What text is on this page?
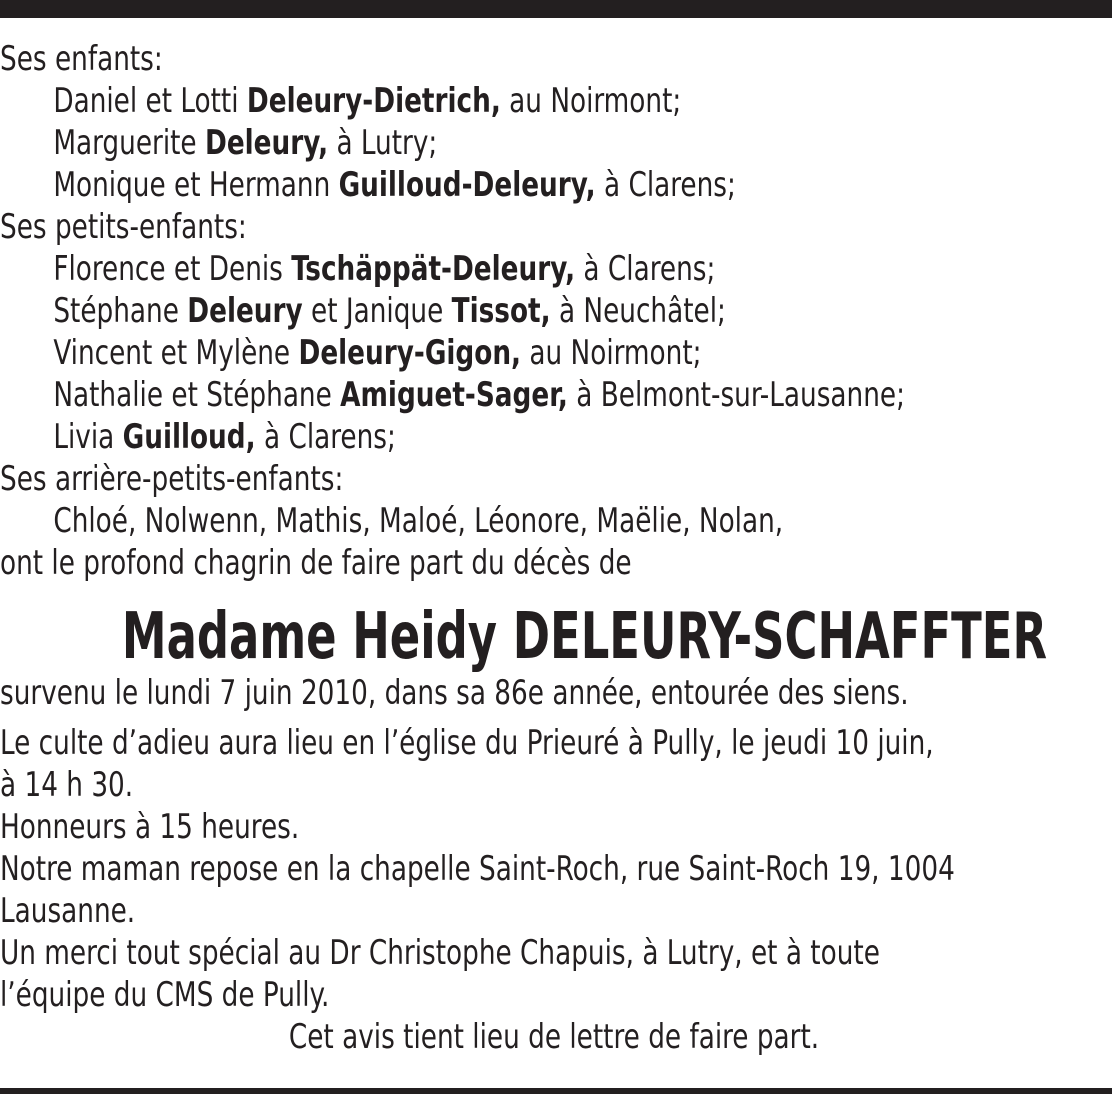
Ses enfants:
Daniel et Lotti Deleury-Dietrich, au Noirmont;
Marguerite Deleury, à Lutry;
Monique et Hermann Guilloud-Deleury, à Clarens;
Ses petits-enfants:
Florence et Denis Tschäppät-Deleury, à Clarens;
Stéphane Deleury et Janique Tissot, à Neuchâtel;
Vincent et Mylène Deleury-Gigon, au Noirmont;
Nathalie et Stéphane Amiguet-Sager, à Belmont-sur-Lausanne;
Livia Guilloud, à Clarens;
Ses arrière-petits-enfants:
Chloé, Nolwenn, Mathis, Maloé, Léonore, Maëlie, Nolan,
ont le profond chagrin de faire part du décès de
Madame Heidy DELEURY-SCHAFFTER
survenu le lundi 7 juin 2010, dans sa 86e année, entourée des siens.
Le culte d’adieu aura lieu en l’église du Prieuré à Pully, le jeudi 10 juin,
à 14 h 30.
Honneurs à 15 heures.
Notre maman repose en la chapelle Saint-Roch, rue Saint-Roch 19, 1004
Lausanne.
Un merci tout spécial au Dr Christophe Chapuis, à Lutry, et à toute
l’équipe du CMS de Pully.
Cet avis tient lieu de lettre de faire part.
